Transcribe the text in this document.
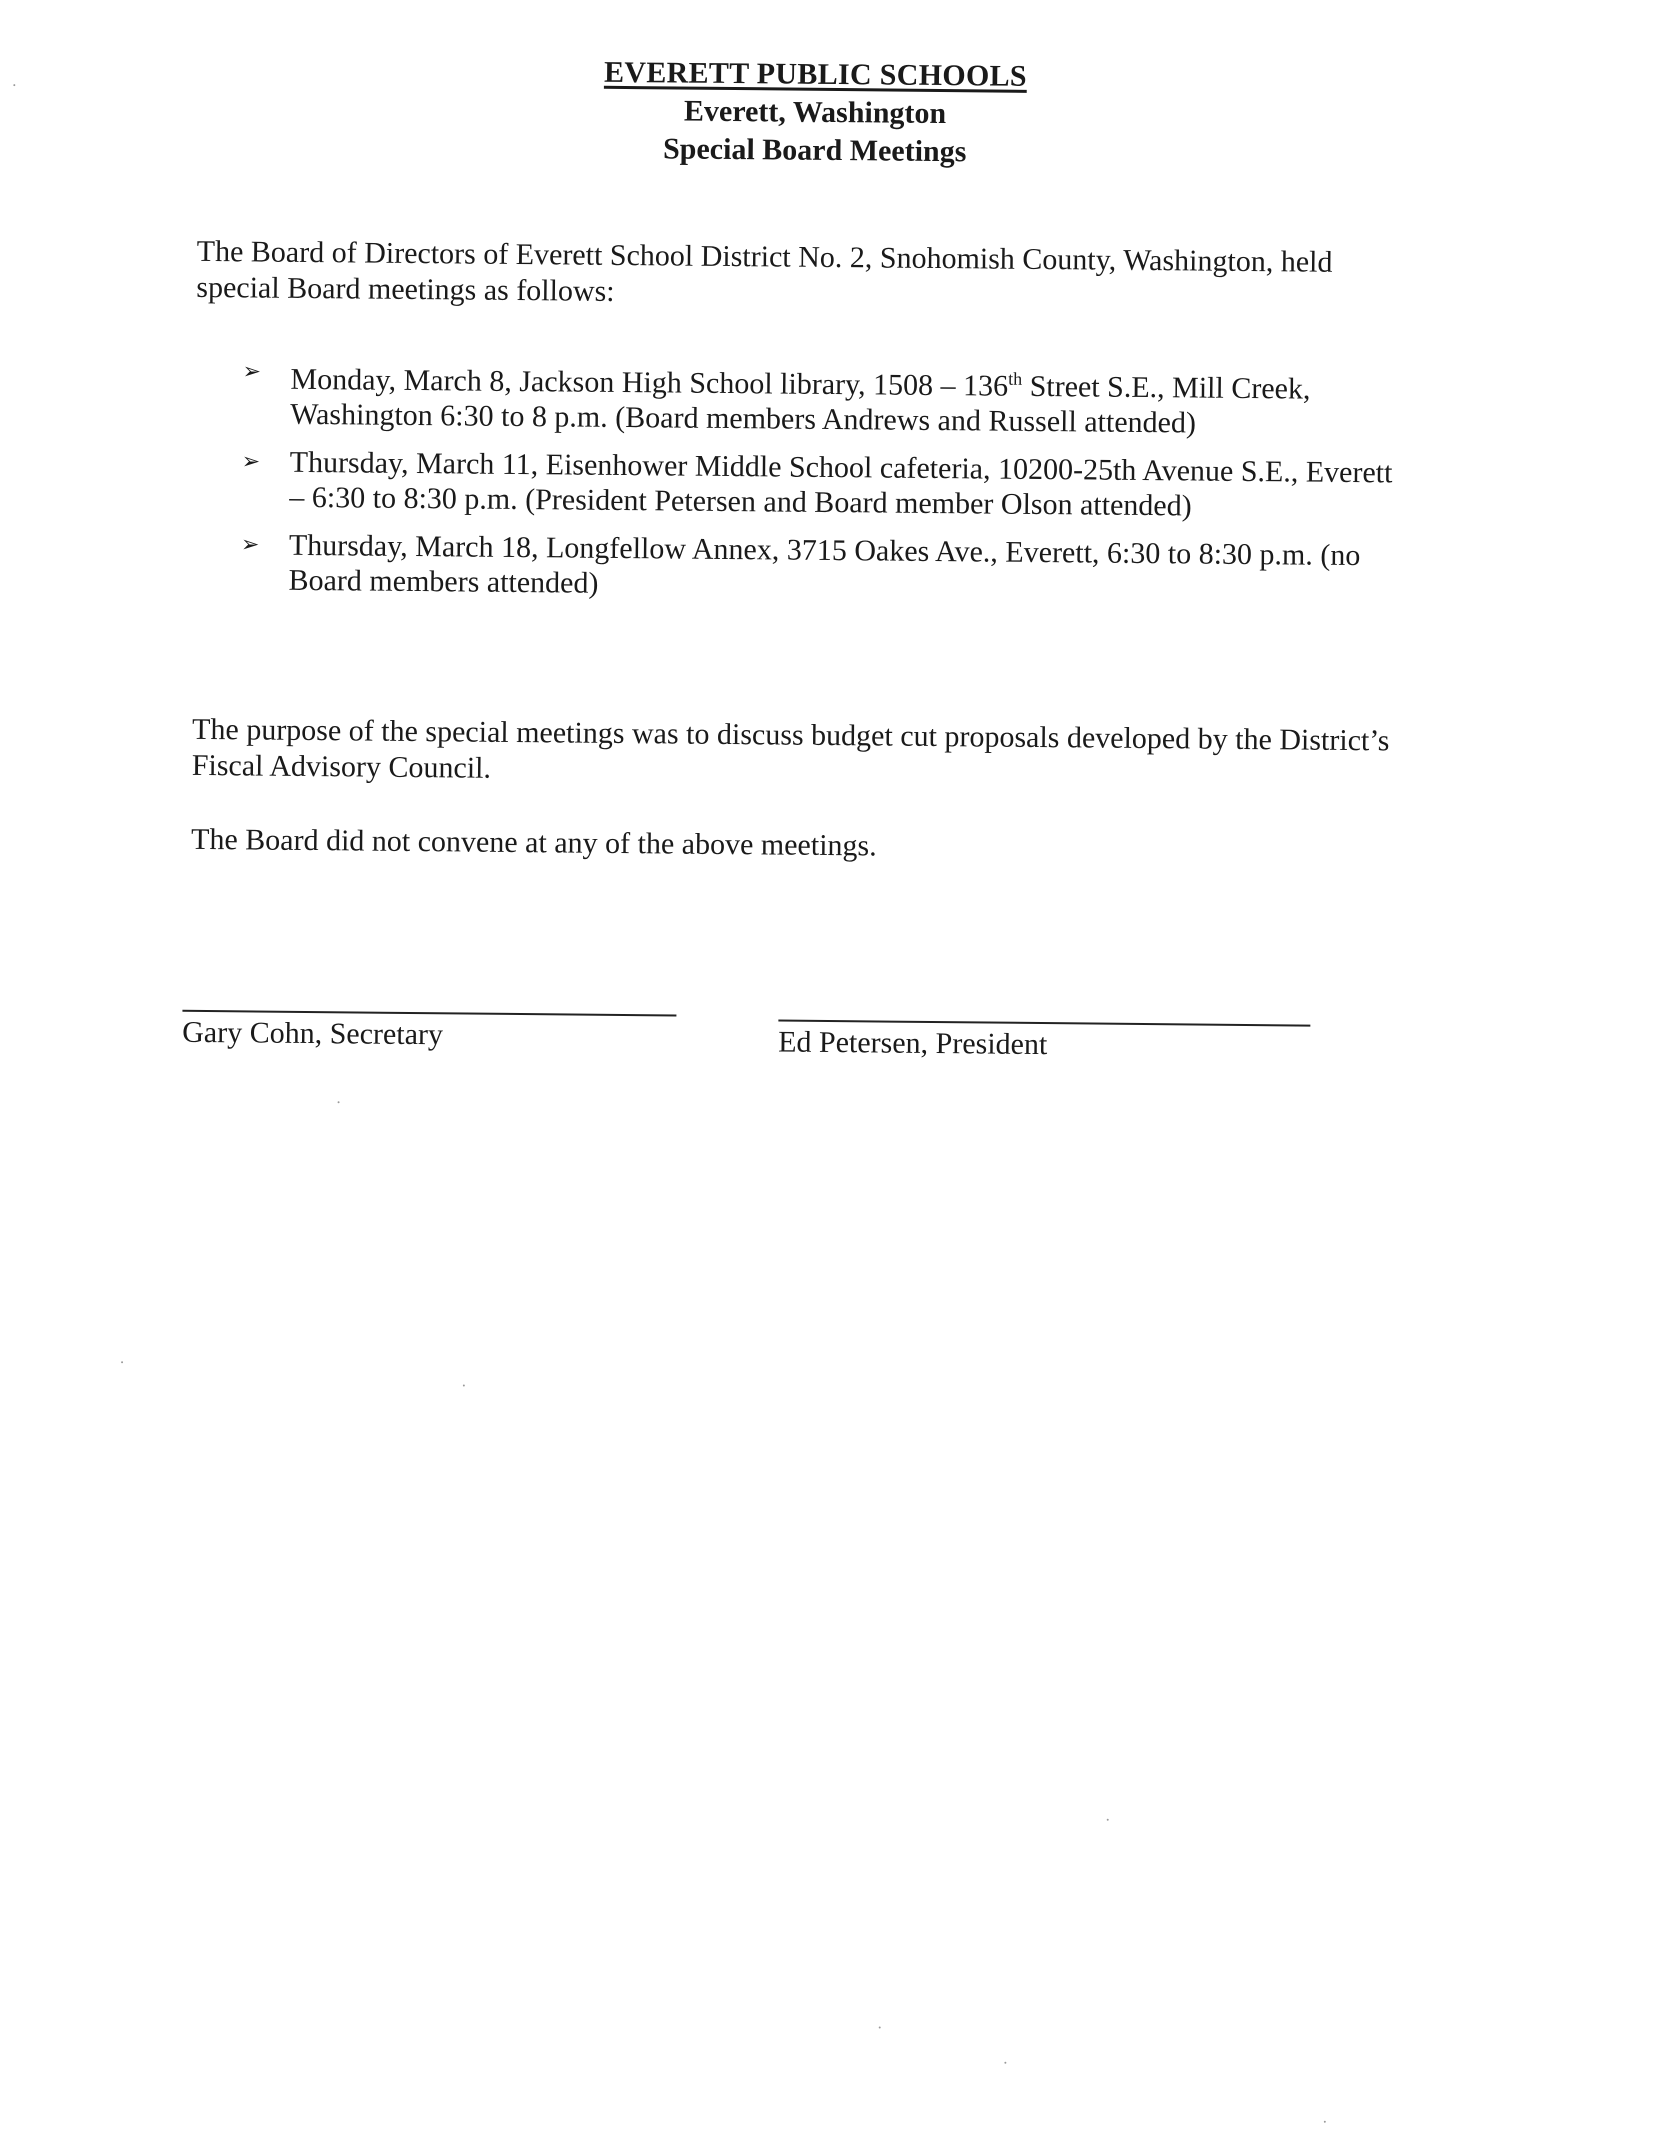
EVERETT PUBLIC SCHOOLS
Everett, Washington
Special Board Meetings
The Board of Directors of Everett School District No. 2, Snohomish County, Washington, held special Board meetings as follows:
➢ Monday, March 8, Jackson High School library, 1508 – 136th Street S.E., Mill Creek, Washington 6:30 to 8 p.m. (Board members Andrews and Russell attended)
➢ Thursday, March 11, Eisenhower Middle School cafeteria, 10200-25th Avenue S.E., Everett – 6:30 to 8:30 p.m. (President Petersen and Board member Olson attended)
➢ Thursday, March 18, Longfellow Annex, 3715 Oakes Ave., Everett, 6:30 to 8:30 p.m. (no Board members attended)
The purpose of the special meetings was to discuss budget cut proposals developed by the District’s Fiscal Advisory Council.
The Board did not convene at any of the above meetings.
Gary Cohn, Secretary	Ed Petersen, President
